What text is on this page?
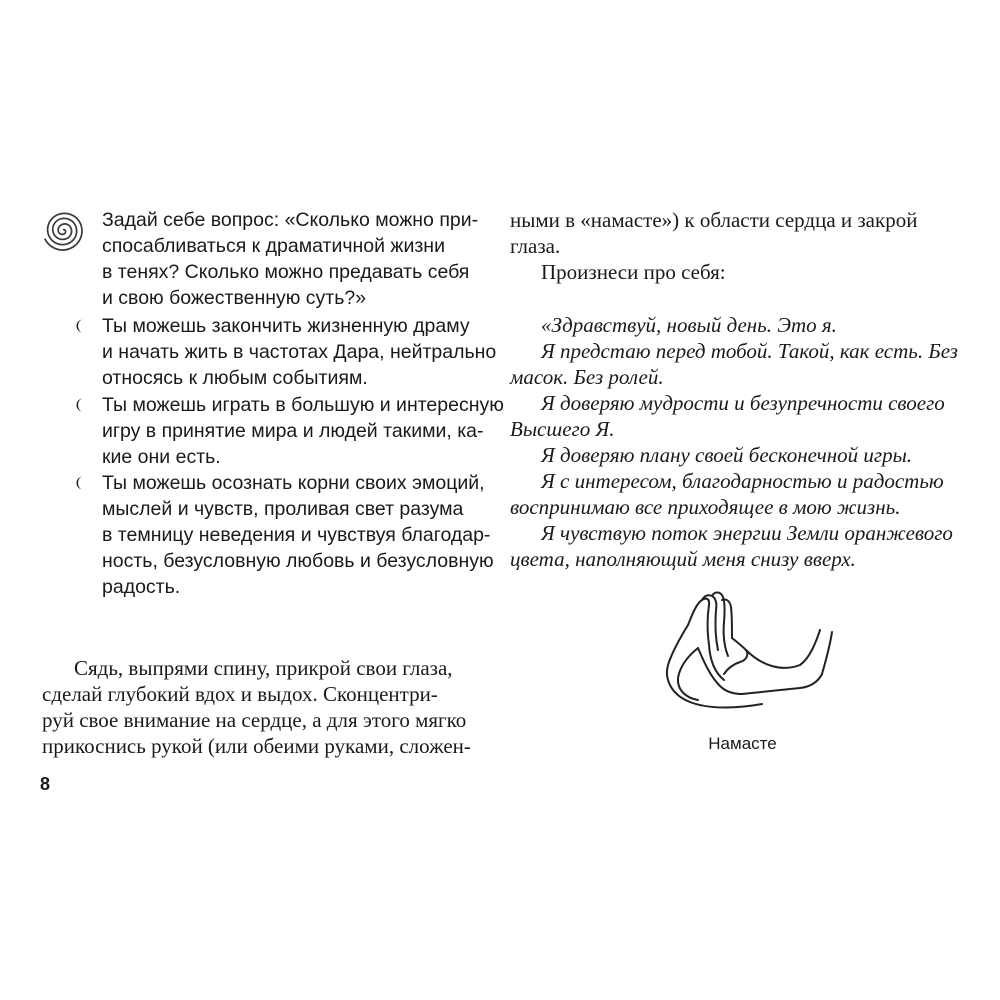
Задай себе вопрос: «Сколько можно при-
спосабливаться к драматичной жизни
в тенях? Сколько можно предавать себя
и свою божественную суть?»
Ты можешь закончить жизненную драму
и начать жить в частотах Дара, нейтрально
относясь к любым событиям.
Ты можешь играть в большую и интересную
игру в принятие мира и людей такими, ка-
кие они есть.
Ты можешь осознать корни своих эмоций,
мыслей и чувств, проливая свет разума
в темницу неведения и чувствуя благодар-
ность, безусловную любовь и безусловную
радость.
Сядь, выпрями спину, прикрой свои глаза,
сделай глубокий вдох и выдох. Сконцентри-
руй свое внимание на сердце, а для этого мягко
прикоснись рукой (или обеими руками, сложен-
ными в «намасте») к области сердца и закрой
глаза.
Произнеси про себя:
«Здравствуй, новый день. Это я.
Я предстаю перед тобой. Такой, как есть. Без
масок. Без ролей.
Я доверяю мудрости и безупречности своего
Высшего Я.
Я доверяю плану своей бесконечной игры.
Я с интересом, благодарностью и радостью
воспринимаю все приходящее в мою жизнь.
Я чувствую поток энергии Земли оранжевого
цвета, наполняющий меня снизу вверх.
Намасте
8
